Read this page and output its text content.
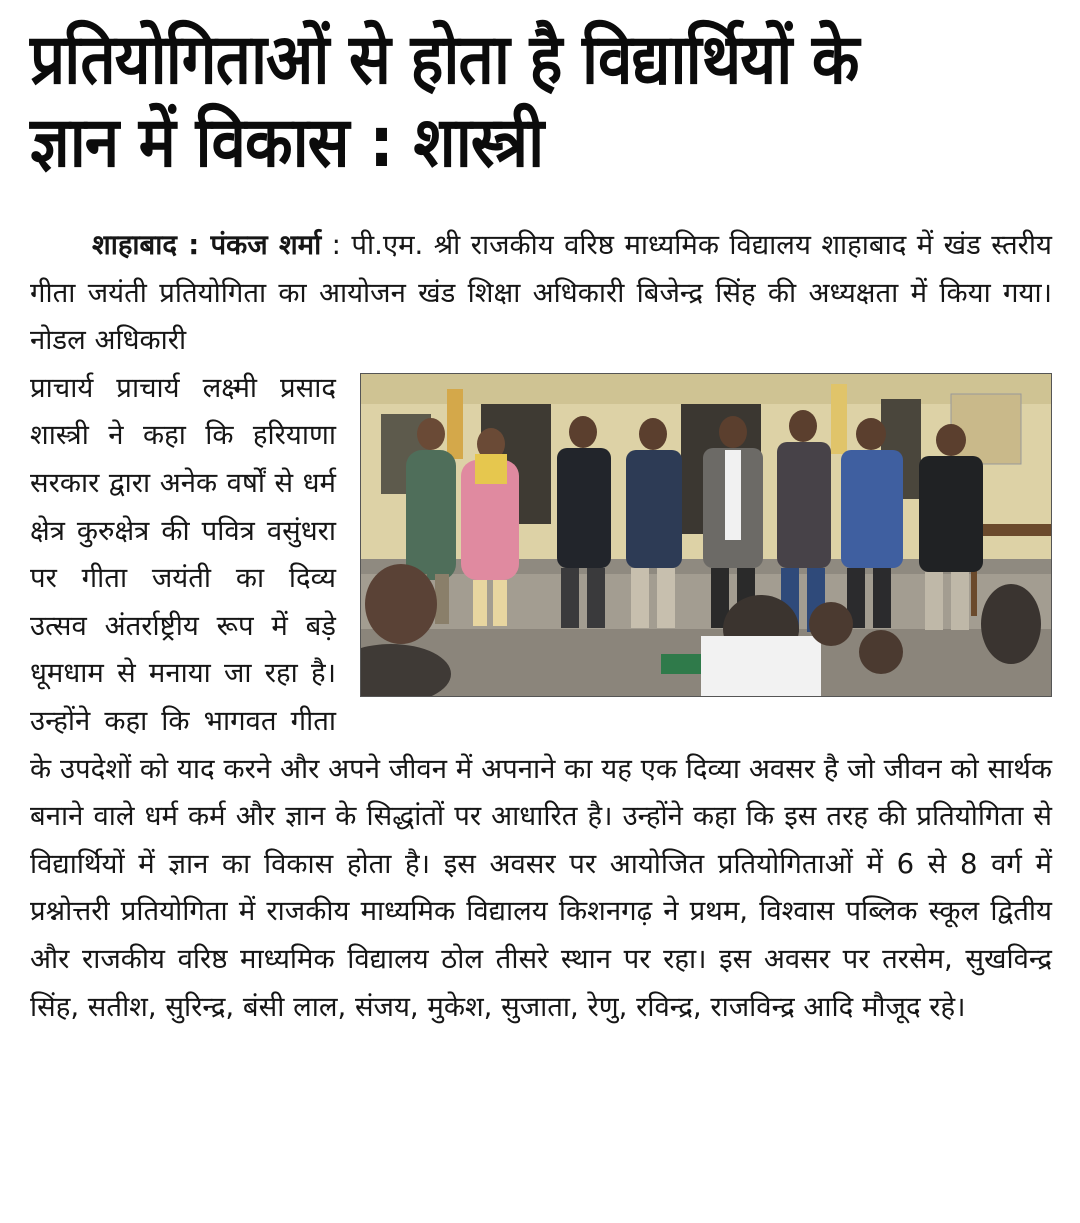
प्रतियोगिताओं से होता है विद्यार्थियों के
ज्ञान में विकास : शास्त्री

शाहाबाद : पंकज शर्मा : पी.एम. श्री राजकीय वरिष्ठ माध्यमिक विद्यालय शाहाबाद में खंड स्तरीय गीता जयंती प्रतियोगिता का आयोजन खंड शिक्षा अधिकारी बिजेन्द्र सिंह की अध्यक्षता में किया गया। नोडल अधिकारी

प्राचार्य प्राचार्य लक्ष्मी प्रसाद शास्त्री ने कहा कि हरियाणा सरकार द्वारा अनेक वर्षों से धर्म क्षेत्र कुरुक्षेत्र की पवित्र वसुंधरा पर गीता जयंती का दिव्य उत्सव अंतर्राष्ट्रीय रूप में बड़े धूमधाम से मनाया जा रहा है। उन्होंने कहा कि भागवत गीता के उपदेशों को याद करने और अपने जीवन में अपनाने का यह एक दिव्या अवसर है जो जीवन को सार्थक बनाने वाले धर्म कर्म और ज्ञान के सिद्धांतों पर आधारित है। उन्होंने कहा कि इस तरह की प्रतियोगिता से विद्यार्थियों में ज्ञान का विकास होता है। इस अवसर पर आयोजित प्रतियोगिताओं में 6 से 8 वर्ग में प्रश्नोत्तरी प्रतियोगिता में राजकीय माध्यमिक विद्यालय किशनगढ़ ने प्रथम, विश्वास पब्लिक स्कूल द्वितीय और राजकीय वरिष्ठ माध्यमिक विद्यालय ठोल तीसरे स्थान पर रहा। इस अवसर पर तरसेम, सुखविन्द्र सिंह, सतीश, सुरिन्द्र, बंसी लाल, संजय, मुकेश, सुजाता, रेणु, रविन्द्र, राजविन्द्र आदि मौजूद रहे।
